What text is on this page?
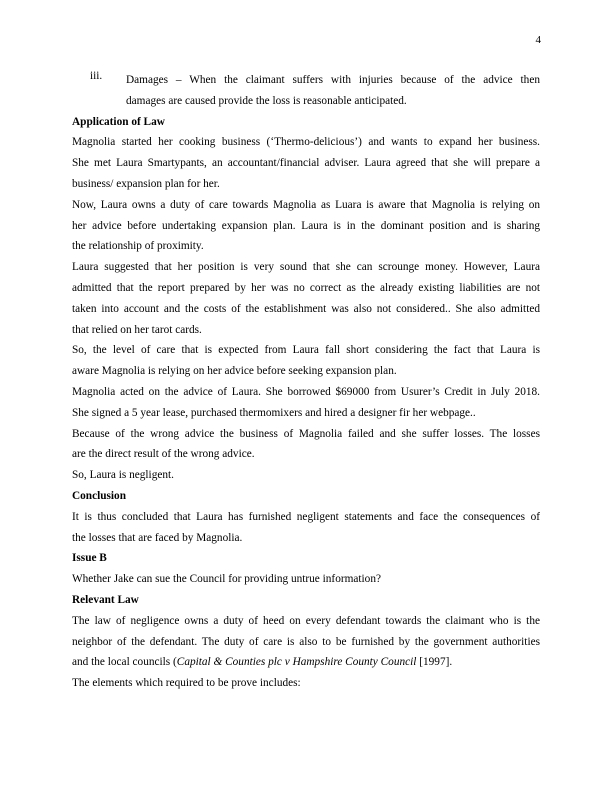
4
iii. Damages – When the claimant suffers with injuries because of the advice then
damages are caused provide the loss is reasonable anticipated.
Application of Law
Magnolia started her cooking business (‘Thermo-delicious’) and wants to expand her business.
She met Laura Smartypants, an accountant/financial adviser. Laura agreed that she will prepare a
business/ expansion plan for her.
Now, Laura owns a duty of care towards Magnolia as Luara is aware that Magnolia is relying on
her advice before undertaking expansion plan. Laura is in the dominant position and is sharing
the relationship of proximity.
Laura suggested that her position is very sound that she can scrounge money. However, Laura
admitted that the report prepared by her was no correct as the already existing liabilities are not
taken into account and the costs of the establishment was also not considered.. She also admitted
that relied on her tarot cards.
So, the level of care that is expected from Laura fall short considering the fact that Laura is
aware Magnolia is relying on her advice before seeking expansion plan.
Magnolia acted on the advice of Laura. She borrowed $69000 from Usurer’s Credit in July 2018.
She signed a 5 year lease, purchased thermomixers and hired a designer fir her webpage..
Because of the wrong advice the business of Magnolia failed and she suffer losses. The losses
are the direct result of the wrong advice.
So, Laura is negligent.
Conclusion
It is thus concluded that Laura has furnished negligent statements and face the consequences of
the losses that are faced by Magnolia.
Issue B
Whether Jake can sue the Council for providing untrue information?
Relevant Law
The law of negligence owns a duty of heed on every defendant towards the claimant who is the
neighbor of the defendant. The duty of care is also to be furnished by the government authorities
and the local councils (Capital & Counties plc v Hampshire County Council [1997].
The elements which required to be prove includes:
